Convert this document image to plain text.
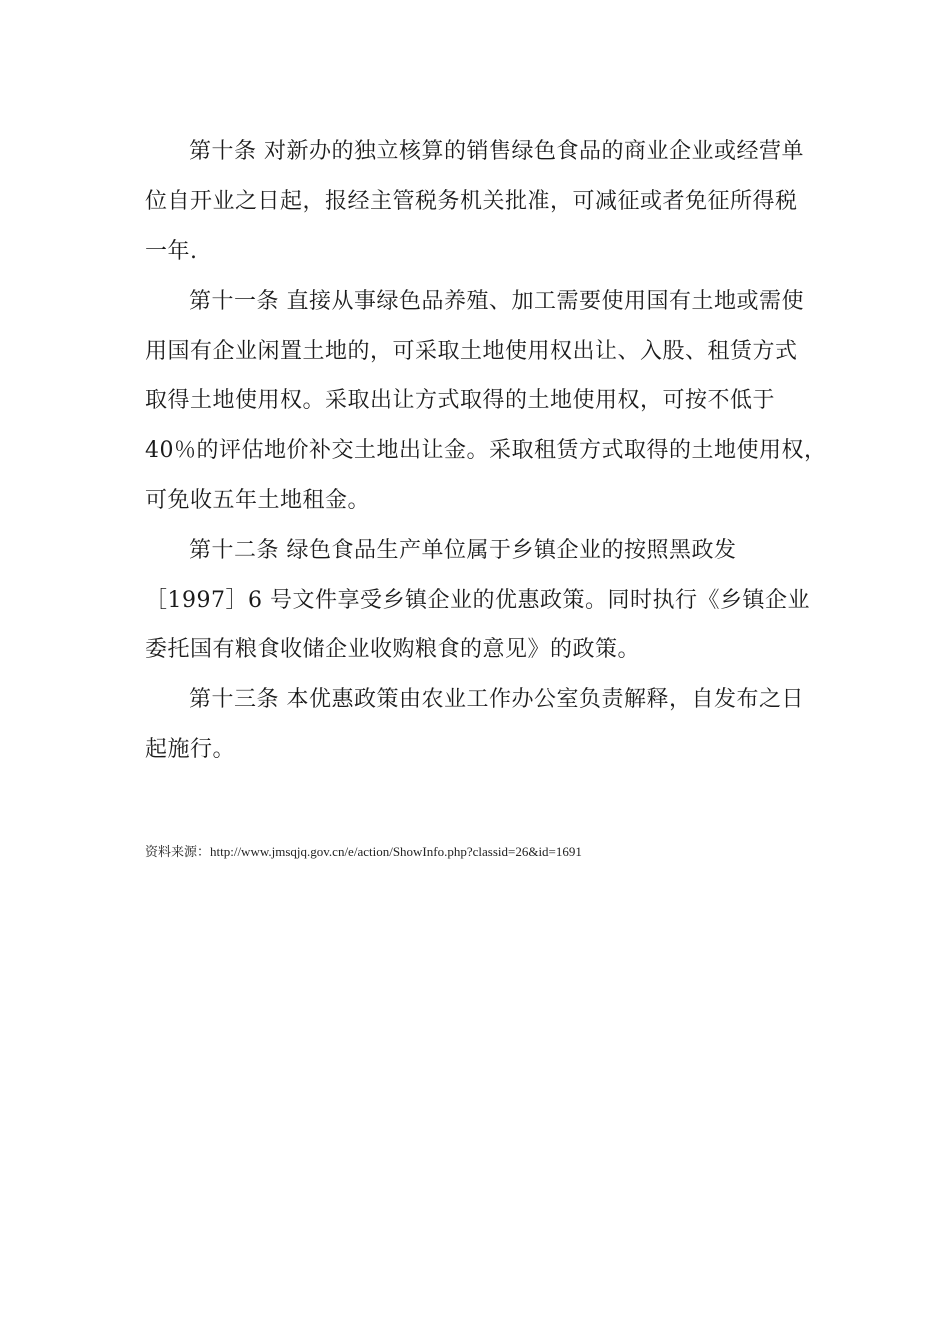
第十条 对新办的独立核算的销售绿色食品的商业企业或经营单
位自开业之日起，报经主管税务机关批准，可减征或者免征所得税
一年.
第十一条 直接从事绿色品养殖、加工需要使用国有土地或需使
用国有企业闲置土地的，可采取土地使用权出让、入股、租赁方式
取得土地使用权。采取出让方式取得的土地使用权，可按不低于
40％的评估地价补交土地出让金。采取租赁方式取得的土地使用权，
可免收五年土地租金。
第十二条 绿色食品生产单位属于乡镇企业的按照黑政发
［1997］6 号文件享受乡镇企业的优惠政策。同时执行《乡镇企业
委托国有粮食收储企业收购粮食的意见》的政策。
第十三条 本优惠政策由农业工作办公室负责解释，自发布之日
起施行。
资料来源：http://www.jmsqjq.gov.cn/e/action/ShowInfo.php?classid=26&id=1691
